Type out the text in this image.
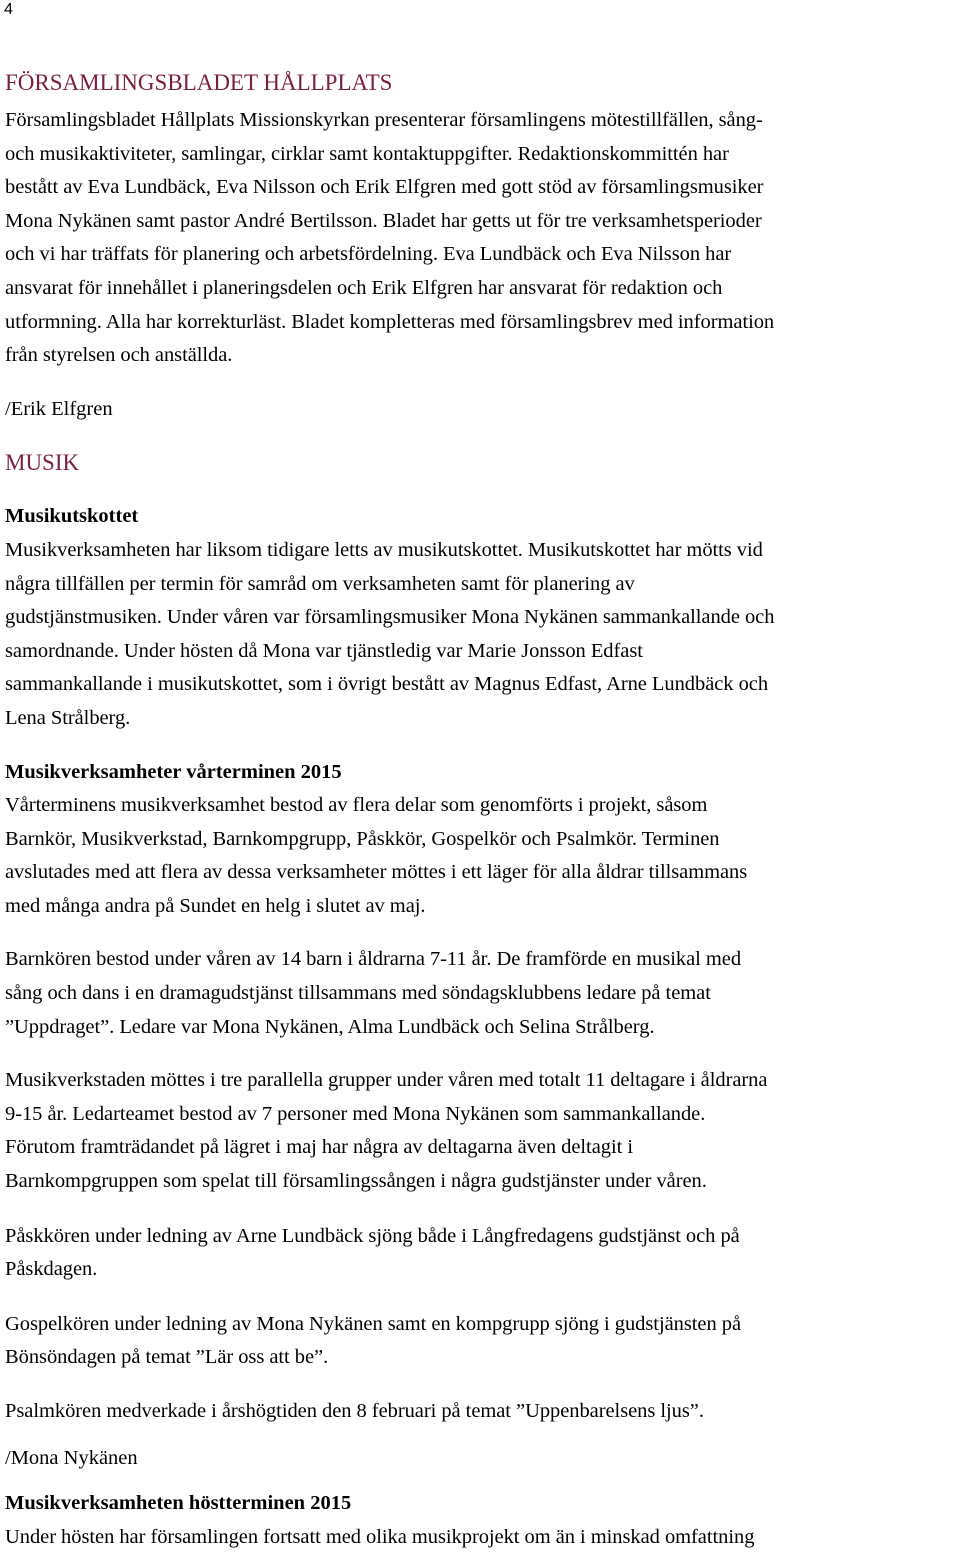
4
FÖRSAMLINGSBLADET HÅLLPLATS

Församlingsbladet Hållplats Missionskyrkan presenterar församlingens mötestillfällen, sång-
och musikaktiviteter, samlingar, cirklar samt kontaktuppgifter. Redaktionskommittén har
bestått av Eva Lundbäck, Eva Nilsson och Erik Elfgren med gott stöd av församlingsmusiker
Mona Nykänen samt pastor André Bertilsson. Bladet har getts ut för tre verksamhetsperioder
och vi har träffats för planering och arbetsfördelning. Eva Lundbäck och Eva Nilsson har
ansvarat för innehållet i planeringsdelen och Erik Elfgren har ansvarat för redaktion och
utformning. Alla har korrekturläst. Bladet kompletteras med församlingsbrev med information
från styrelsen och anställda.

/Erik Elfgren

MUSIK
Musikutskottet

Musikverksamheten har liksom tidigare letts av musikutskottet. Musikutskottet har mötts vid
några tillfällen per termin för samråd om verksamheten samt för planering av
gudstjänstmusiken. Under våren var församlingsmusiker Mona Nykänen sammankallande och
samordnande. Under hösten då Mona var tjänstledig var Marie Jonsson Edfast
sammankallande i musikutskottet, som i övrigt bestått av Magnus Edfast, Arne Lundbäck och
Lena Strålberg.

Musikverksamheter vårterminen 2015

Vårterminens musikverksamhet bestod av flera delar som genomförts i projekt, såsom
Barnkör, Musikverkstad, Barnkompgrupp, Påskkör, Gospelkör och Psalmkör. Terminen
avslutades med att flera av dessa verksamheter möttes i ett läger för alla åldrar tillsammans
med många andra på Sundet en helg i slutet av maj.

Barnkören bestod under våren av 14 barn i åldrarna 7-11 år. De framförde en musikal med
sång och dans i en dramagudstjänst tillsammans med söndagsklubbens ledare på temat
”Uppdraget”. Ledare var Mona Nykänen, Alma Lundbäck och Selina Strålberg.

Musikverkstaden möttes i tre parallella grupper under våren med totalt 11 deltagare i åldrarna
9-15 år. Ledarteamet bestod av 7 personer med Mona Nykänen som sammankallande.
Förutom framträdandet på lägret i maj har några av deltagarna även deltagit i
Barnkompgruppen som spelat till församlingssången i några gudstjänster under våren.

Påskkören under ledning av Arne Lundbäck sjöng både i Långfredagens gudstjänst och på
Påskdagen.

Gospelkören under ledning av Mona Nykänen samt en kompgrupp sjöng i gudstjänsten på
Bönsöndagen på temat ”Lär oss att be”.

Psalmkören medverkade i årshögtiden den 8 februari på temat ”Uppenbarelsens ljus”.

/Mona Nykänen

Musikverksamheten höstterminen 2015

Under hösten har församlingen fortsatt med olika musikprojekt om än i minskad omfattning
